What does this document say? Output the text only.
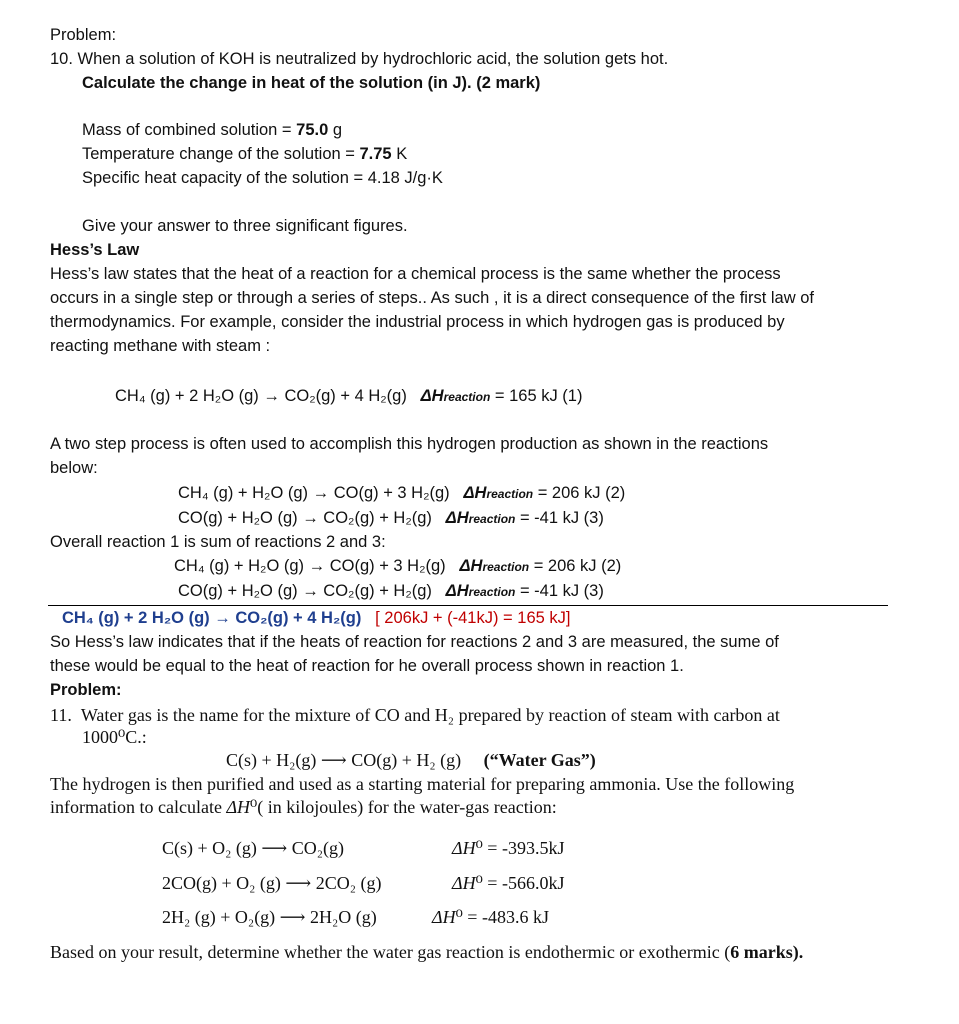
Problem:
10. When a solution of KOH is neutralized by hydrochloric acid, the solution gets hot.
Calculate the change in heat of the solution (in J). (2 mark)
Mass of combined solution = 75.0 g
Temperature change of the solution = 7.75 K
Specific heat capacity of the solution = 4.18 J/g·K
Give your answer to three significant figures.
Hess’s Law
Hess’s law states that the heat of a reaction for a chemical process is the same whether the process
occurs in a single step or through a series of steps.. As such , it is a direct consequence of the first law of
thermodynamics. For example, consider the industrial process in which hydrogen gas is produced by
reacting methane with steam :
CH₄ (g) + 2 H₂O (g) → CO₂(g) + 4 H₂(g) ΔHreaction = 165 kJ (1)
A two step process is often used to accomplish this hydrogen production as shown in the reactions
below:
CH₄ (g) + H₂O (g) → CO(g) + 3 H₂(g) ΔHreaction = 206 kJ (2)
CO(g) + H₂O (g) → CO₂(g) + H₂(g) ΔHreaction = -41 kJ (3)
Overall reaction 1 is sum of reactions 2 and 3:
CH₄ (g) + H₂O (g) → CO(g) + 3 H₂(g) ΔHreaction = 206 kJ (2)
CO(g) + H₂O (g) → CO₂(g) + H₂(g) ΔHreaction = -41 kJ (3)
CH₄ (g) + 2 H₂O (g) → CO₂(g) + 4 H₂(g) [ 206kJ + (-41kJ) = 165 kJ]
So Hess’s law indicates that if the heats of reaction for reactions 2 and 3 are measured, the sume of
these would be equal to the heat of reaction for he overall process shown in reaction 1.
Problem:
11. Water gas is the name for the mixture of CO and H₂ prepared by reaction of steam with carbon at
1000⁰C.:
C(s) + H₂(g) ⟶ CO(g) + H₂ (g) (“Water Gas”)
The hydrogen is then purified and used as a starting material for preparing ammonia. Use the following
information to calculate ΔH⁰( in kilojoules) for the water-gas reaction:
C(s) + O₂ (g) ⟶ CO₂(g)	ΔH⁰ = -393.5kJ
2CO(g) + O₂ (g) ⟶ 2CO₂ (g)	ΔH⁰ = -566.0kJ
2H₂ (g) + O₂(g) ⟶ 2H₂O (g)	ΔH⁰ = -483.6 kJ
Based on your result, determine whether the water gas reaction is endothermic or exothermic (6 marks).
